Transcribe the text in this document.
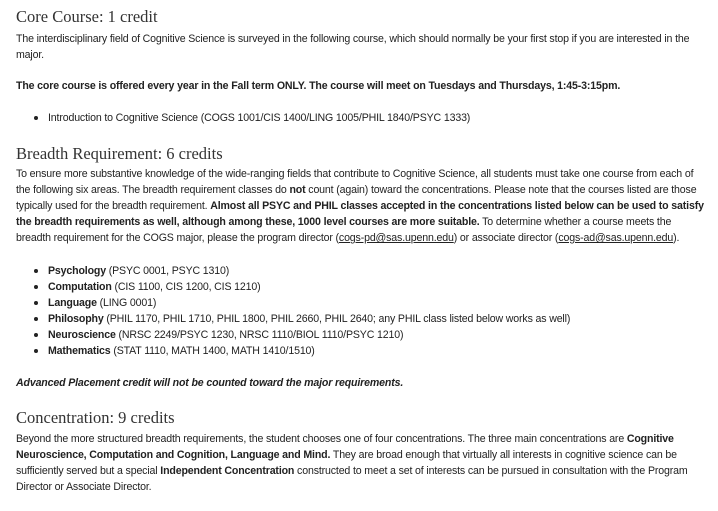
Core Course: 1 credit

The interdisciplinary field of Cognitive Science is surveyed in the following course, which should normally be your first stop if you are interested in the major.

The core course is offered every year in the Fall term ONLY. The course will meet on Tuesdays and Thursdays, 1:45-3:15pm.

Introduction to Cognitive Science (COGS 1001/CIS 1400/LING 1005/PHIL 1840/PSYC 1333)
Breadth Requirement: 6 credits

To ensure more substantive knowledge of the wide-ranging fields that contribute to Cognitive Science, all students must take one course from each of the following six areas. The breadth requirement classes do not count (again) toward the concentrations. Please note that the courses listed are those typically used for the breadth requirement. Almost all PSYC and PHIL classes accepted in the concentrations listed below can be used to satisfy the breadth requirements as well, although among these, 1000 level courses are more suitable. To determine whether a course meets the breadth requirement for the COGS major, please the program director (cogs-pd@sas.upenn.edu) or associate director (cogs-ad@sas.upenn.edu).

Psychology (PSYC 0001, PSYC 1310)
Computation (CIS 1100, CIS 1200, CIS 1210)
Language (LING 0001)
Philosophy (PHIL 1170, PHIL 1710, PHIL 1800, PHIL 2660, PHIL 2640; any PHIL class listed below works as well)
Neuroscience (NRSC 2249/PSYC 1230, NRSC 1110/BIOL 1110/PSYC 1210)
Mathematics (STAT 1110, MATH 1400, MATH 1410/1510)

Advanced Placement credit will not be counted toward the major requirements.

Concentration: 9 credits

Beyond the more structured breadth requirements, the student chooses one of four concentrations. The three main concentrations are Cognitive Neuroscience, Computation and Cognition, Language and Mind. They are broad enough that virtually all interests in cognitive science can be sufficiently served but a special Independent Concentration constructed to meet a set of interests can be pursued in consultation with the Program Director or Associate Director.
